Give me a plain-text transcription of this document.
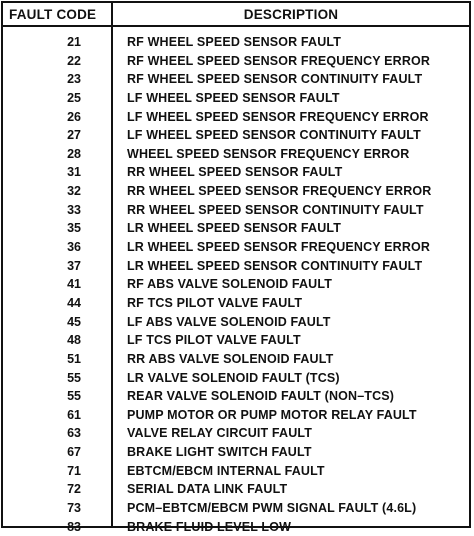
FAULT CODE	DESCRIPTION
21	RF WHEEL SPEED SENSOR FAULT
22	RF WHEEL SPEED SENSOR FREQUENCY ERROR
23	RF WHEEL SPEED SENSOR CONTINUITY FAULT
25	LF WHEEL SPEED SENSOR FAULT
26	LF WHEEL SPEED SENSOR FREQUENCY ERROR
27	LF WHEEL SPEED SENSOR CONTINUITY FAULT
28	WHEEL SPEED SENSOR FREQUENCY ERROR
31	RR WHEEL SPEED SENSOR FAULT
32	RR WHEEL SPEED SENSOR FREQUENCY ERROR
33	RR WHEEL SPEED SENSOR CONTINUITY FAULT
35	LR WHEEL SPEED SENSOR FAULT
36	LR WHEEL SPEED SENSOR FREQUENCY ERROR
37	LR WHEEL SPEED SENSOR CONTINUITY FAULT
41	RF ABS VALVE SOLENOID FAULT
44	RF TCS PILOT VALVE FAULT
45	LF ABS VALVE SOLENOID FAULT
48	LF TCS PILOT VALVE FAULT
51	RR ABS VALVE SOLENOID FAULT
55	LR VALVE SOLENOID FAULT (TCS)
55	REAR VALVE SOLENOID FAULT (NON–TCS)
61	PUMP MOTOR OR PUMP MOTOR RELAY FAULT
63	VALVE RELAY CIRCUIT FAULT
67	BRAKE LIGHT SWITCH FAULT
71	EBTCM/EBCM INTERNAL FAULT
72	SERIAL DATA LINK FAULT
73	PCM–EBTCM/EBCM PWM SIGNAL FAULT (4.6L)
83	BRAKE FLUID LEVEL LOW
